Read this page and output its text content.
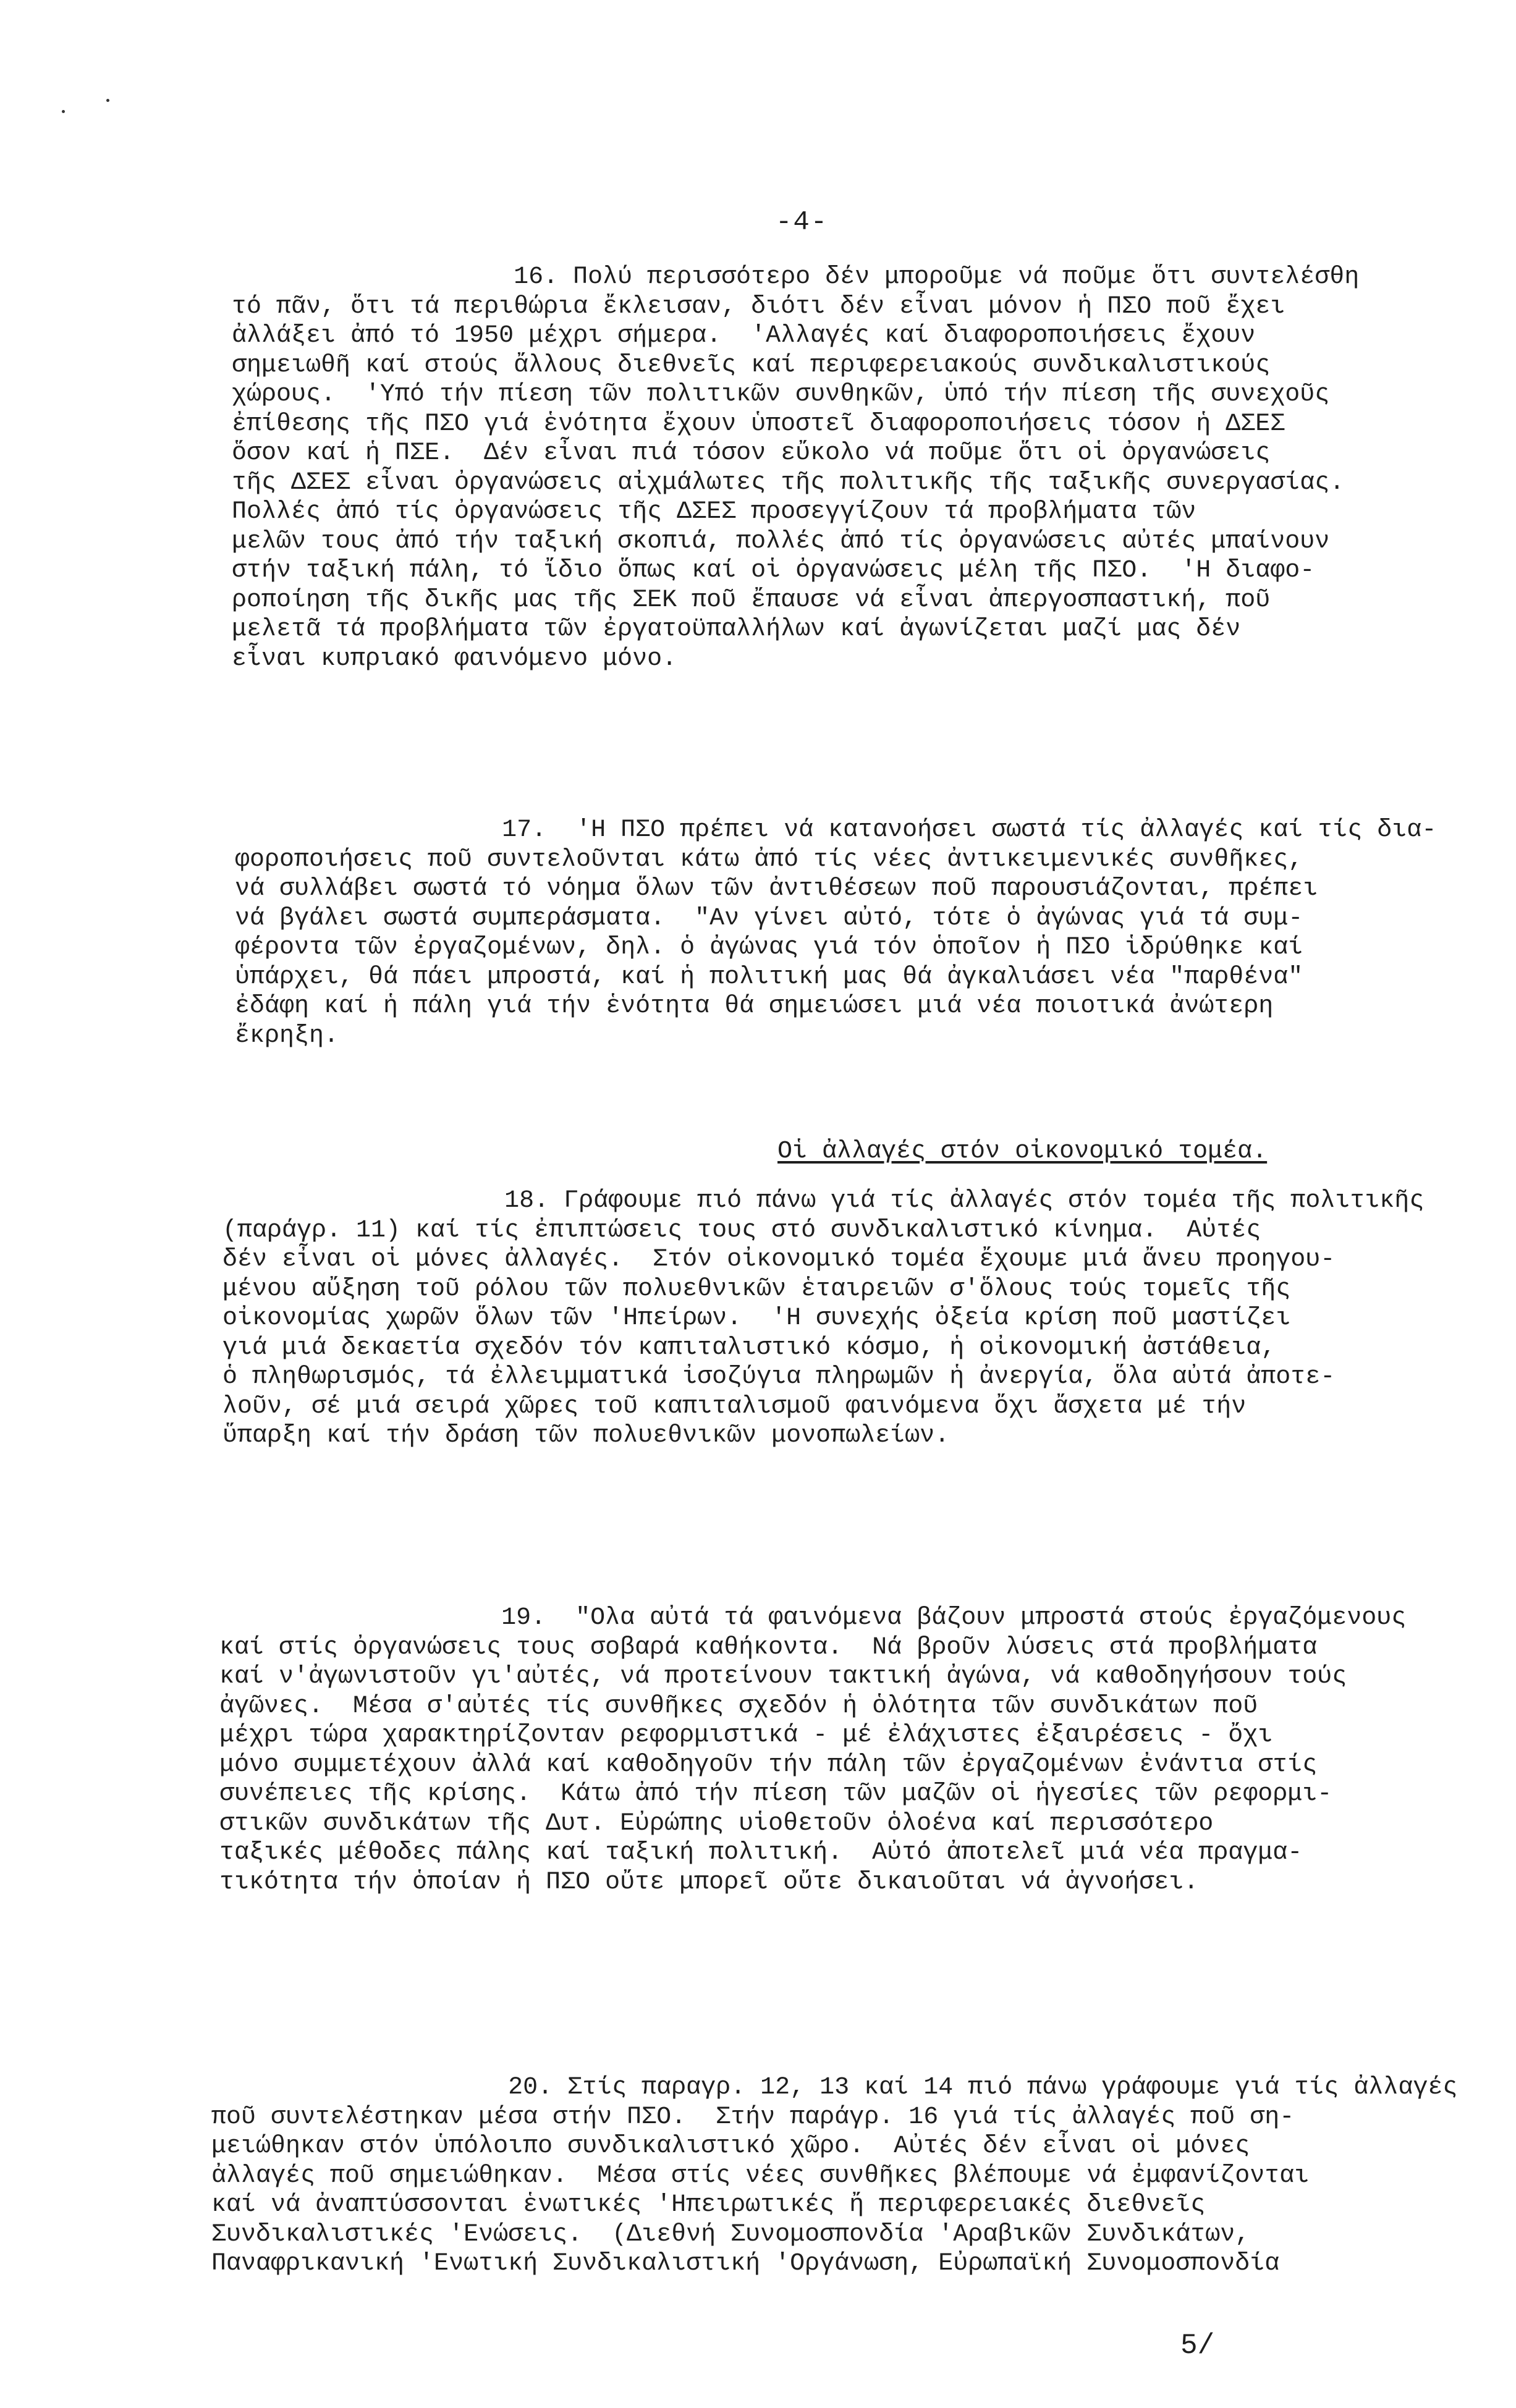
-4-

16. Πολύ περισσότερο δέν μποροῦμε νά ποῦμε ὅτι συντελέσθη
τό πᾶν, ὅτι τά περιθώρια ἔκλεισαν, διότι δέν εἶναι μόνον ἡ ΠΣΟ ποῦ ἔχει
ἀλλάξει ἀπό τό 1950 μέχρι σήμερα.  'Αλλαγές καί διαφοροποιήσεις ἔχουν
σημειωθῆ καί στούς ἄλλους διεθνεῖς καί περιφερειακούς συνδικαλιστικούς
χώρους.  'Υπό τήν πίεση τῶν πολιτικῶν συνθηκῶν, ὑπό τήν πίεση τῆς συνεχοῦς
ἐπίθεσης τῆς ΠΣΟ γιά ἑνότητα ἔχουν ὑποστεῖ διαφοροποιήσεις τόσον ἡ ΔΣΕΣ
ὅσον καί ἡ ΠΣΕ.  Δέν εἶναι πιά τόσον εὔκολο νά ποῦμε ὅτι οἱ ὀργανώσεις
τῆς ΔΣΕΣ εἶναι ὀργανώσεις αἰχμάλωτες τῆς πολιτικῆς τῆς ταξικῆς συνεργασίας.
Πολλές ἀπό τίς ὀργανώσεις τῆς ΔΣΕΣ προσεγγίζουν τά προβλήματα τῶν
μελῶν τους ἀπό τήν ταξική σκοπιά, πολλές ἀπό τίς ὀργανώσεις αὐτές μπαίνουν
στήν ταξική πάλη, τό ἴδιο ὅπως καί οἱ ὀργανώσεις μέλη τῆς ΠΣΟ.  'Η διαφο-
ροποίηση τῆς δικῆς μας τῆς ΣΕΚ ποῦ ἔπαυσε νά εἶναι ἀπεργοσπαστική, ποῦ
μελετᾶ τά προβλήματα τῶν ἐργατοϋπαλλήλων καί ἀγωνίζεται μαζί μας δέν
εἶναι κυπριακό φαινόμενο μόνο.

17.  'Η ΠΣΟ πρέπει νά κατανοήσει σωστά τίς ἀλλαγές καί τίς δια-
φοροποιήσεις ποῦ συντελοῦνται κάτω ἀπό τίς νέες ἀντικειμενικές συνθῆκες,
νά συλλάβει σωστά τό νόημα ὅλων τῶν ἀντιθέσεων ποῦ παρουσιάζονται, πρέπει
νά βγάλει σωστά συμπεράσματα.  "Αν γίνει αὐτό, τότε ὁ ἀγώνας γιά τά συμ-
φέροντα τῶν ἐργαζομένων, δηλ. ὁ ἀγώνας γιά τόν ὁποῖον ἡ ΠΣΟ ἱδρύθηκε καί
ὑπάρχει, θά πάει μπροστά, καί ἡ πολιτική μας θά ἀγκαλιάσει νέα "παρθένα"
ἐδάφη καί ἡ πάλη γιά τήν ἑνότητα θά σημειώσει μιά νέα ποιοτικά ἀνώτερη
ἔκρηξη.

Οἱ ἀλλαγές στόν οἰκονομικό τομέα.

18. Γράφουμε πιό πάνω γιά τίς ἀλλαγές στόν τομέα τῆς πολιτικῆς
(παράγρ. 11) καί τίς ἐπιπτώσεις τους στό συνδικαλιστικό κίνημα.  Αὐτές
δέν εἶναι οἱ μόνες ἀλλαγές.  Στόν οἰκονομικό τομέα ἔχουμε μιά ἄνευ προηγου-
μένου αὔξηση τοῦ ρόλου τῶν πολυεθνικῶν ἑταιρειῶν σ'ὅλους τούς τομεῖς τῆς
οἰκονομίας χωρῶν ὅλων τῶν 'Ηπείρων.  'Η συνεχής ὀξεία κρίση ποῦ μαστίζει
γιά μιά δεκαετία σχεδόν τόν καπιταλιστικό κόσμο, ἡ οἰκονομική ἀστάθεια,
ὁ πληθωρισμός, τά ἐλλειμματικά ἰσοζύγια πληρωμῶν ἡ ἀνεργία, ὅλα αὐτά ἀποτε-
λοῦν, σέ μιά σειρά χῶρες τοῦ καπιταλισμοῦ φαινόμενα ὄχι ἄσχετα μέ τήν
ὕπαρξη καί τήν δράση τῶν πολυεθνικῶν μονοπωλείων.

19.  "Ολα αὐτά τά φαινόμενα βάζουν μπροστά στούς ἐργαζόμενους
καί στίς ὀργανώσεις τους σοβαρά καθήκοντα.  Νά βροῦν λύσεις στά προβλήματα
καί ν'ἀγωνιστοῦν γι'αὐτές, νά προτείνουν τακτική ἀγώνα, νά καθοδηγήσουν τούς
ἀγῶνες.  Μέσα σ'αὐτές τίς συνθῆκες σχεδόν ἡ ὁλότητα τῶν συνδικάτων ποῦ
μέχρι τώρα χαρακτηρίζονταν ρεφορμιστικά - μέ ἐλάχιστες ἐξαιρέσεις - ὄχι
μόνο συμμετέχουν ἀλλά καί καθοδηγοῦν τήν πάλη τῶν ἐργαζομένων ἐνάντια στίς
συνέπειες τῆς κρίσης.  Κάτω ἀπό τήν πίεση τῶν μαζῶν οἱ ἡγεσίες τῶν ρεφορμι-
στικῶν συνδικάτων τῆς Δυτ. Εὐρώπης υἱοθετοῦν ὁλοένα καί περισσότερο
ταξικές μέθοδες πάλης καί ταξική πολιτική.  Αὐτό ἀποτελεῖ μιά νέα πραγμα-
τικότητα τήν ὁποίαν ἡ ΠΣΟ οὔτε μπορεῖ οὔτε δικαιοῦται νά ἀγνοήσει.

20. Στίς παραγρ. 12, 13 καί 14 πιό πάνω γράφουμε γιά τίς ἀλλαγές
ποῦ συντελέστηκαν μέσα στήν ΠΣΟ.  Στήν παράγρ. 16 γιά τίς ἀλλαγές ποῦ ση-
μειώθηκαν στόν ὑπόλοιπο συνδικαλιστικό χῶρο.  Αὐτές δέν εἶναι οἱ μόνες
ἀλλαγές ποῦ σημειώθηκαν.  Μέσα στίς νέες συνθῆκες βλέπουμε νά ἐμφανίζονται
καί νά ἀναπτύσσονται ἑνωτικές 'Ηπειρωτικές ἤ περιφερειακές διεθνεῖς
Συνδικαλιστικές 'Ενώσεις.  (Διεθνή Συνομοσπονδία 'Αραβικῶν Συνδικάτων,
Παναφρικανική 'Ενωτική Συνδικαλιστική 'Οργάνωση, Εὐρωπαϊκή Συνομοσπονδία

5/
